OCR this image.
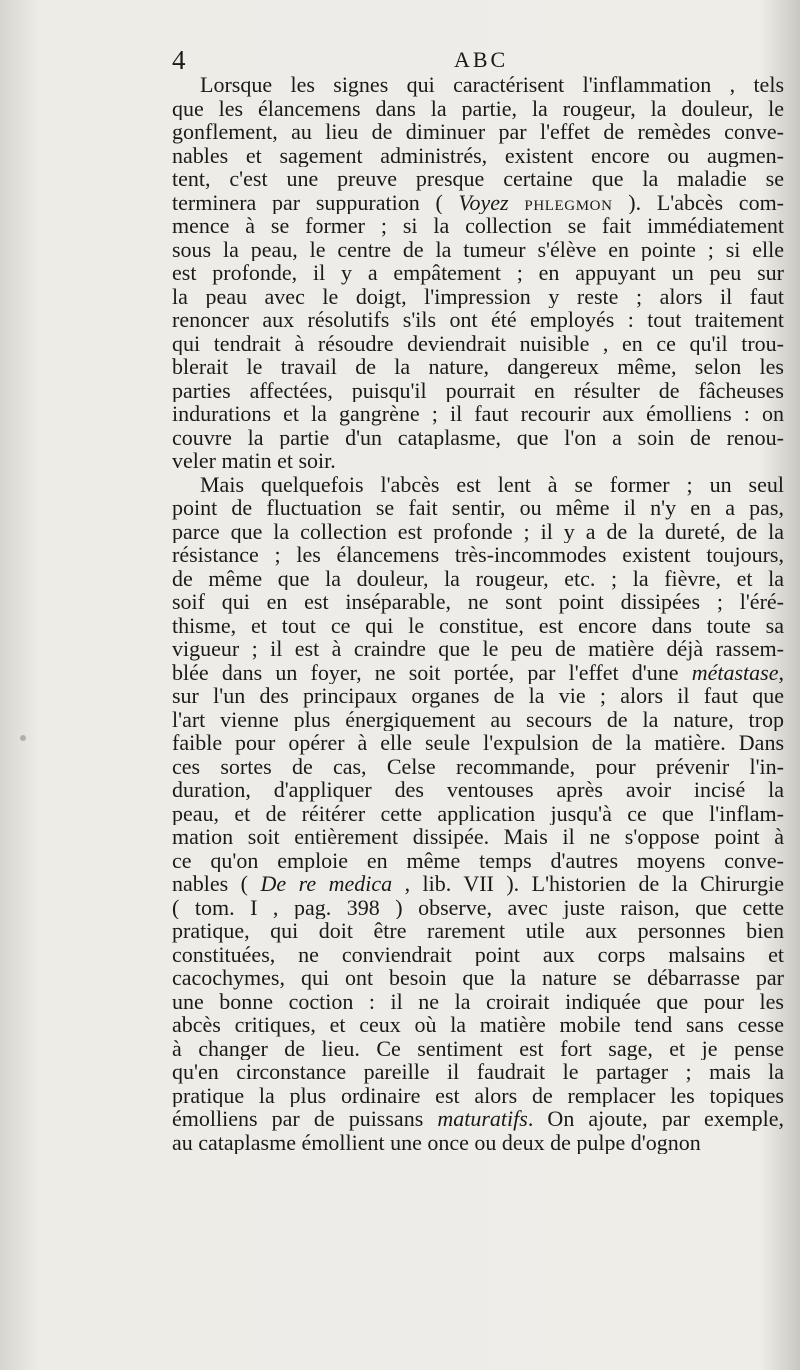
4	ABC
Lorsque les signes qui caractérisent l'inflammation , tels
que les élancemens dans la partie, la rougeur, la douleur, le
gonflement, au lieu de diminuer par l'effet de remèdes conve-
nables et sagement administrés, existent encore ou augmen-
tent, c'est une preuve presque certaine que la maladie se
terminera par suppuration ( Voyez PHLEGMON ). L'abcès com-
mence à se former ; si la collection se fait immédiatement
sous la peau, le centre de la tumeur s'élève en pointe ; si elle
est profonde, il y a empâtement ; en appuyant un peu sur
la peau avec le doigt, l'impression y reste ; alors il faut
renoncer aux résolutifs s'ils ont été employés : tout traitement
qui tendrait à résoudre deviendrait nuisible , en ce qu'il trou-
blerait le travail de la nature, dangereux même, selon les
parties affectées, puisqu'il pourrait en résulter de fâcheuses
indurations et la gangrène ; il faut recourir aux émolliens : on
couvre la partie d'un cataplasme, que l'on a soin de renou-
veler matin et soir.
Mais quelquefois l'abcès est lent à se former ; un seul
point de fluctuation se fait sentir, ou même il n'y en a pas,
parce que la collection est profonde ; il y a de la dureté, de la
résistance ; les élancemens très-incommodes existent toujours,
de même que la douleur, la rougeur, etc. ; la fièvre, et la
soif qui en est inséparable, ne sont point dissipées ; l'éré-
thisme, et tout ce qui le constitue, est encore dans toute sa
vigueur ; il est à craindre que le peu de matière déjà rassem-
blée dans un foyer, ne soit portée, par l'effet d'une métastase,
sur l'un des principaux organes de la vie ; alors il faut que
l'art vienne plus énergiquement au secours de la nature, trop
faible pour opérer à elle seule l'expulsion de la matière. Dans
ces sortes de cas, Celse recommande, pour prévenir l'in-
duration, d'appliquer des ventouses après avoir incisé la
peau, et de réitérer cette application jusqu'à ce que l'inflam-
mation soit entièrement dissipée. Mais il ne s'oppose point à
ce qu'on emploie en même temps d'autres moyens conve-
nables ( De re medica , lib. VII ). L'historien de la Chirurgie
( tom. I , pag. 398 ) observe, avec juste raison, que cette
pratique, qui doit être rarement utile aux personnes bien
constituées, ne conviendrait point aux corps malsains et
cacochymes, qui ont besoin que la nature se débarrasse par
une bonne coction : il ne la croirait indiquée que pour les
abcès critiques, et ceux où la matière mobile tend sans cesse
à changer de lieu. Ce sentiment est fort sage, et je pense
qu'en circonstance pareille il faudrait le partager ; mais la
pratique la plus ordinaire est alors de remplacer les topiques
émolliens par de puissans maturatifs. On ajoute, par exemple,
au cataplasme émollient une once ou deux de pulpe d'ognon
